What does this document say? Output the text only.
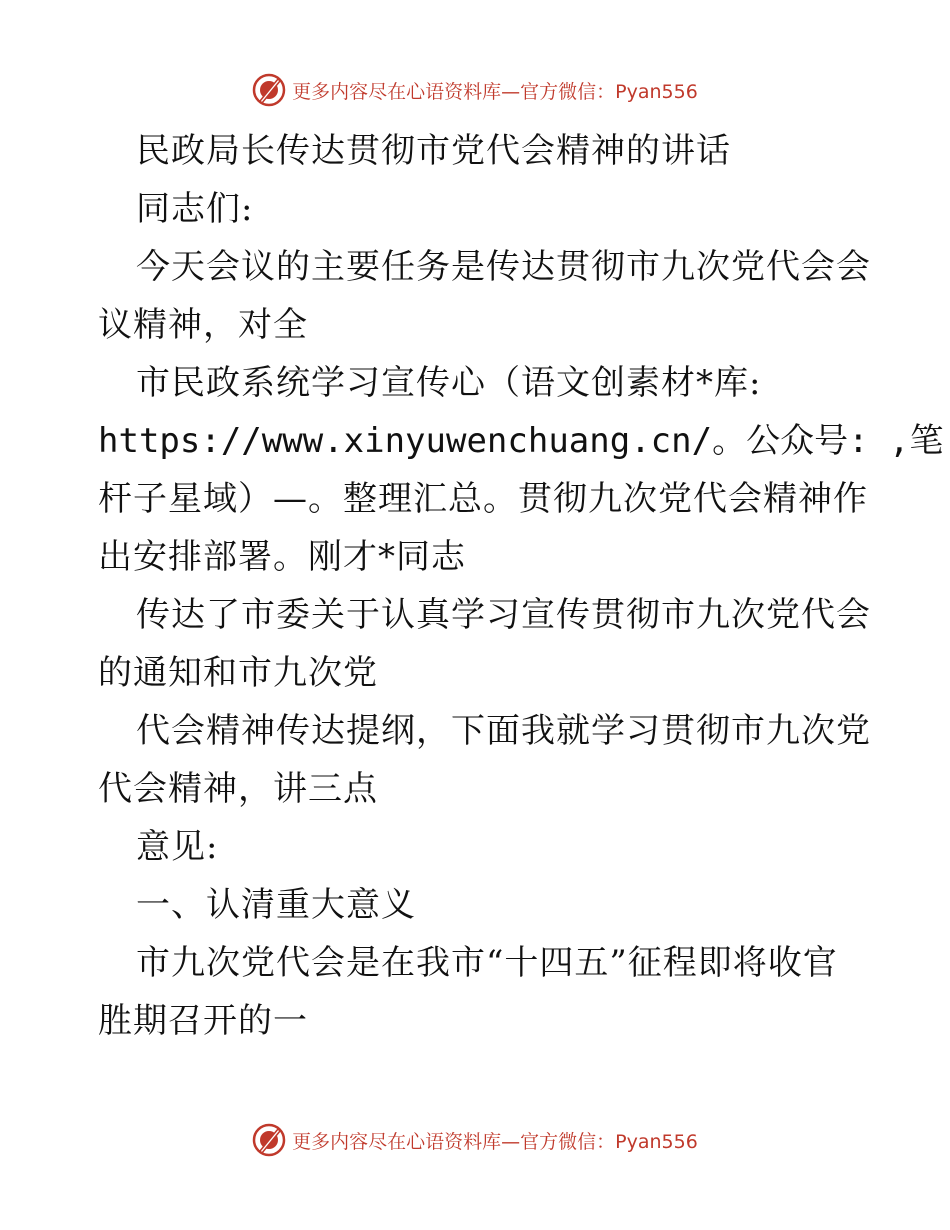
更多内容尽在心语资料库—官方微信：Pyan556
民政局长传达贯彻市党代会精神的讲话
同志们:
今天会议的主要任务是传达贯彻市九次党代会会
议精神，对全
市民政系统学习宣传心（语文创素材*库:
https://www.xinyuwenchuang.cn/。公众号: ,笔
杆子星域）—。整理汇总。贯彻九次党代会精神作
出安排部署。刚才*同志
传达了市委关于认真学习宣传贯彻市九次党代会
的通知和市九次党
代会精神传达提纲，下面我就学习贯彻市九次党
代会精神，讲三点
意见:
一、认清重大意义
市九次党代会是在我市“十四五”征程即将收官
胜期召开的一
更多内容尽在心语资料库—官方微信：Pyan556
